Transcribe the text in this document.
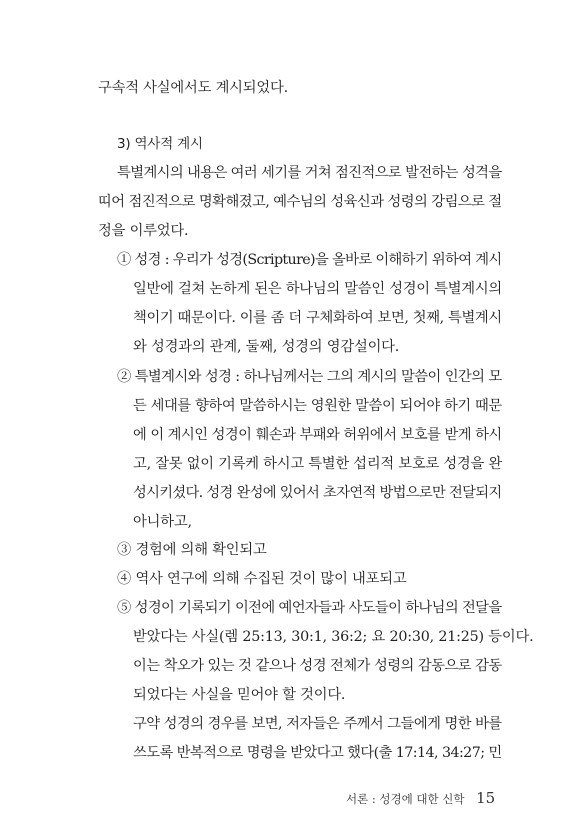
구속적 사실에서도 계시되었다.
3) 역사적 계시
특별계시의 내용은 여러 세기를 거쳐 점진적으로 발전하는 성격을
띠어 점진적으로 명확해졌고, 예수님의 성육신과 성령의 강림으로 절
정을 이루었다.
① 성경 : 우리가 성경(Scripture)을 올바로 이해하기 위하여 계시
일반에 걸쳐 논하게 된은 하나님의 말씀인 성경이 특별계시의
책이기 때문이다. 이를 좀 더 구체화하여 보면, 첫째, 특별계시
와 성경과의 관계, 둘째, 성경의 영감설이다.
② 특별계시와 성경 : 하나님께서는 그의 계시의 말씀이 인간의 모
든 세대를 향하여 말씀하시는 영원한 말씀이 되어야 하기 때문
에 이 계시인 성경이 훼손과 부패와 허위에서 보호를 받게 하시
고, 잘못 없이 기록케 하시고 특별한 섭리적 보호로 성경을 완
성시키셨다. 성경 완성에 있어서 초자연적 방법으로만 전달되지
아니하고,
③ 경험에 의해 확인되고
④ 역사 연구에 의해 수집된 것이 많이 내포되고
⑤ 성경이 기록되기 이전에 예언자들과 사도들이 하나님의 전달을
받았다는 사실(렘 25:13, 30:1, 36:2; 요 20:30, 21:25) 등이다.
이는 착오가 있는 것 같으나 성경 전체가 성령의 감동으로 감동
되었다는 사실을 믿어야 할 것이다.
구약 성경의 경우를 보면, 저자들은 주께서 그들에게 명한 바를
쓰도록 반복적으로 명령을 받았다고 했다(출 17:14, 34:27; 민
서론 : 성경에 대한 신학 15
